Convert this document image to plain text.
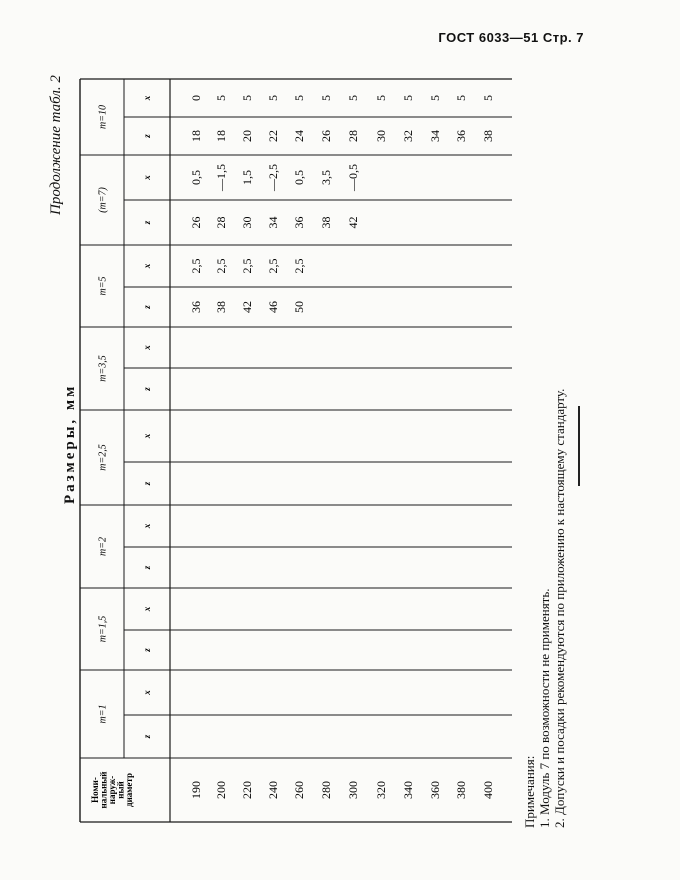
ГОСТ 6033—51 Стр. 7
Продолжение табл. 2
Размеры, мм
Номи-
нальный
наруж-
ный
диаметр
m=1
z
x
m=1,5
z
x
m=2
z
x
m=2,5
z
x
m=3,5
z
x
m=5
z
x
(m=7)
z
x
m=10
z
x
190
36
2,5
26
0,5
18
0
200
38
2,5
28
—1,5
18
5
220
42
2,5
30
1,5
20
5
240
46
2,5
34
—2,5
22
5
260
50
2,5
36
0,5
24
5
280
38
3,5
26
5
300
42
—0,5
28
5
320
30
5
340
32
5
360
34
5
380
36
5
400
38
5
Примечания: 1. Модуль 7 по возможности не применять. 2. Допуски и посадки рекомендуются по приложению к настоящему стандарту.
